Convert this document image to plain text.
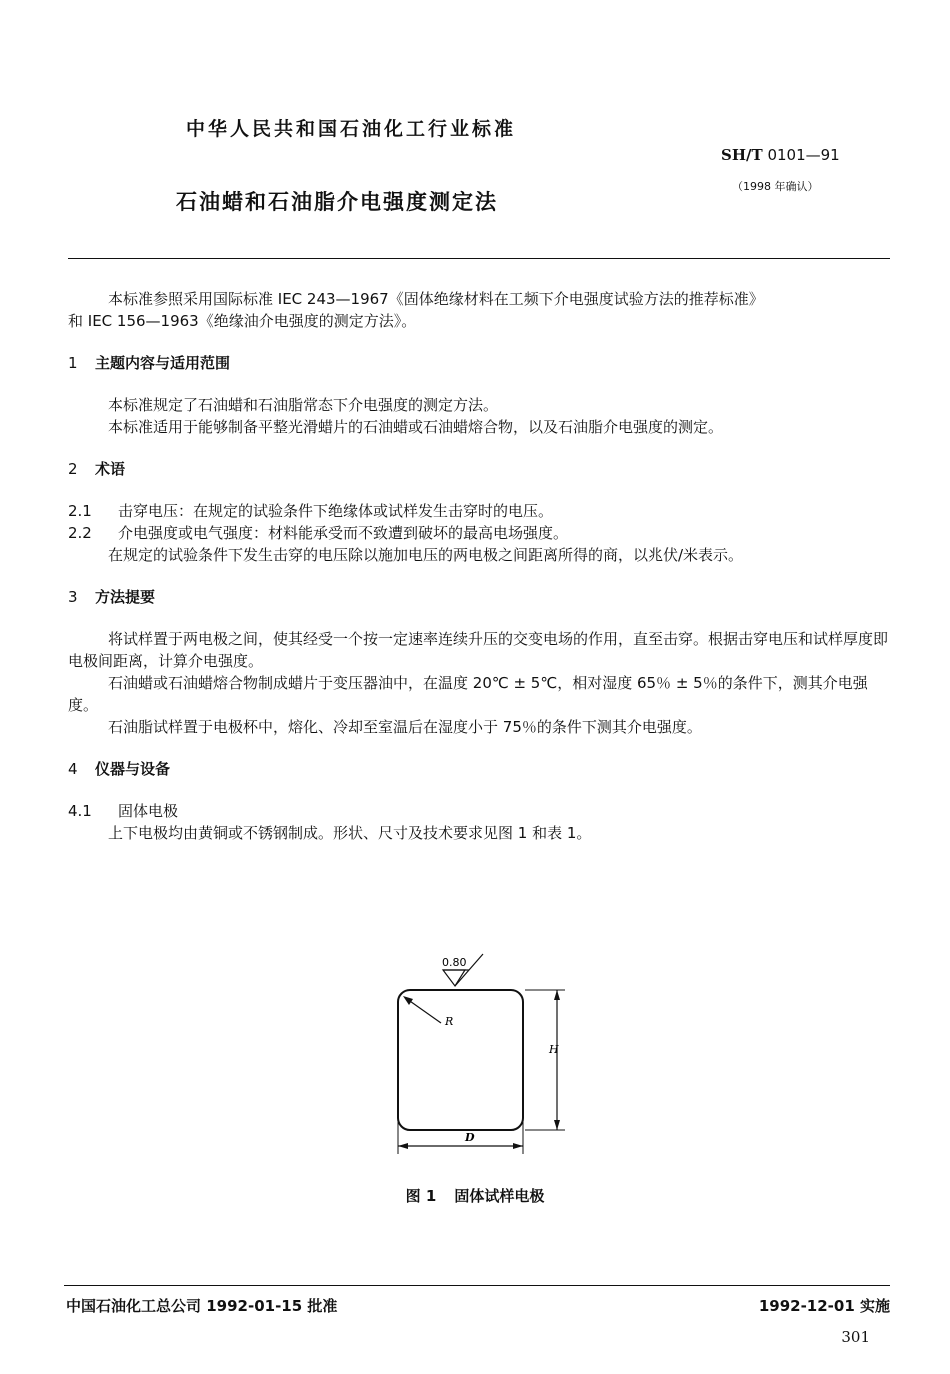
中华人民共和国石油化工行业标准
SH/T 0101—91
（1998 年确认）
石油蜡和石油脂介电强度测定法

本标准参照采用国际标准 IEC 243—1967《固体绝缘材料在工频下介电强度试验方法的推荐标准》

和 IEC 156—1963《绝缘油介电强度的测定方法》。

1 主题内容与适用范围

本标准规定了石油蜡和石油脂常态下介电强度的测定方法。

本标准适用于能够制备平整光滑蜡片的石油蜡或石油蜡熔合物，以及石油脂介电强度的测定。

2 术语

2.1 击穿电压：在规定的试验条件下绝缘体或试样发生击穿时的电压。

2.2 介电强度或电气强度：材料能承受而不致遭到破坏的最高电场强度。

在规定的试验条件下发生击穿的电压除以施加电压的两电极之间距离所得的商，以兆伏/米表示。

3 方法提要

将试样置于两电极之间，使其经受一个按一定速率连续升压的交变电场的作用，直至击穿。根据击穿电压和试样厚度即电极间距离，计算介电强度。

石油蜡或石油蜡熔合物制成蜡片于变压器油中，在温度 20℃ ± 5℃，相对湿度 65％ ± 5％的条件下，测其介电强度。

石油脂试样置于电极杯中，熔化、冷却至室温后在湿度小于 75％的条件下测其介电强度。

4 仪器与设备

4.1 固体电极

上下电极均由黄铜或不锈钢制成。形状、尺寸及技术要求见图 1 和表 1。

0.80
R
H
D
图 1 固体试样电极
中国石油化工总公司 1992-01-15 批准	1992-12-01 实施
301
